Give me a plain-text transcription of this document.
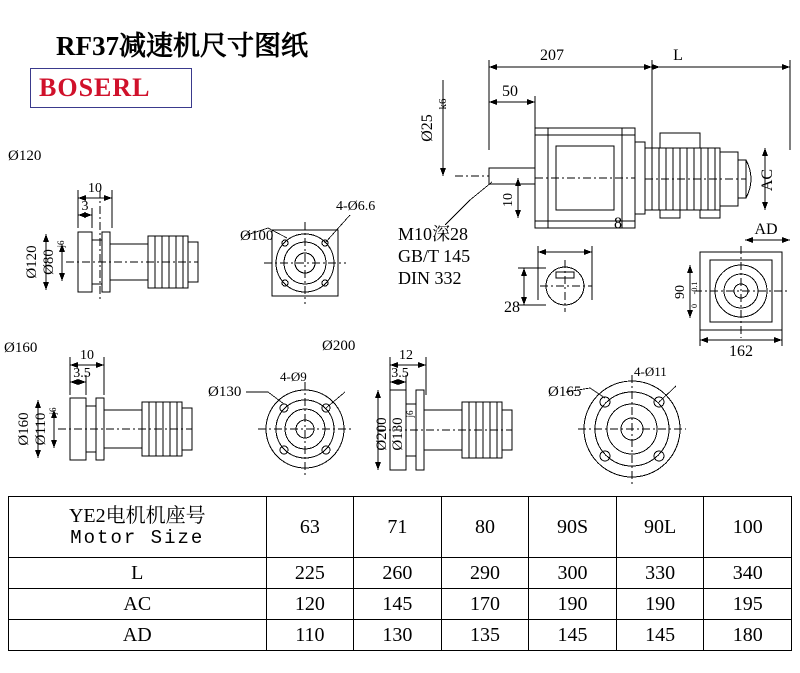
RF37减速机尺寸图纸
BOSERL
207	L
50
Ø25
k6
AC
10
M10深28
GB/T 145
DIN 332
8
28
AD
162
90
0
-0.1
Ø120
Ø120 Ø80
j6
10
3
Ø100
4-Ø6.6
Ø160
Ø160 Ø110
j6
10
3.5
Ø130
4-Ø9
Ø200
Ø200 Ø130
j6
12
3.5
Ø165
4-Ø11
YE2电机机座号
Motor Size	63	71	80	90S	90L	100
L	225	260	290	300	330	340
AC	120	145	170	190	190	195
AD	110	130	135	145	145	180
